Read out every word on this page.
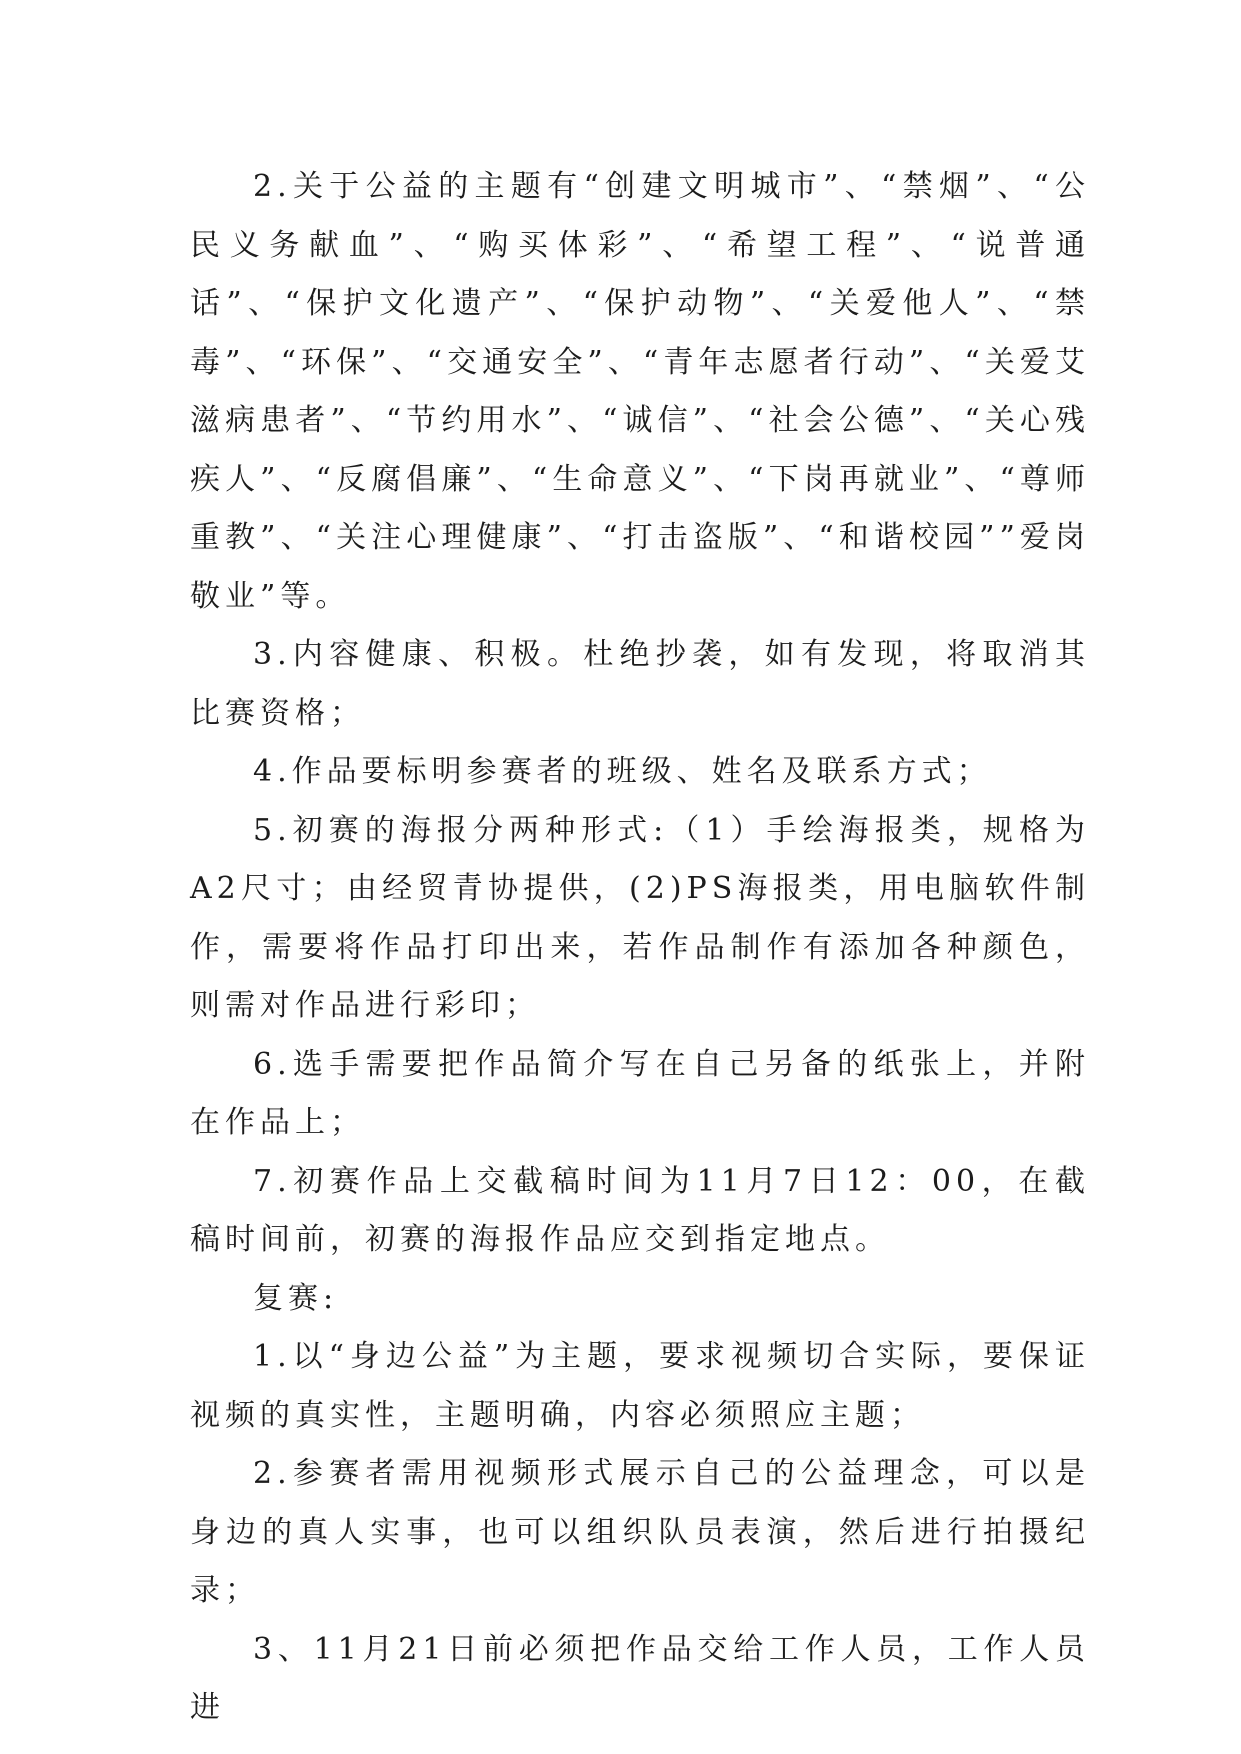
2.关于公益的主题有“创建文明城市”、“禁烟”、“公民义务献血”、“购买体彩”、“希望工程”、“说普通话”、“保护文化遗产”、“保护动物”、“关爱他人”、“禁毒”、“环保”、“交通安全”、“青年志愿者行动”、“关爱艾滋病患者”、“节约用水”、“诚信”、“社会公德”、“关心残疾人”、“反腐倡廉”、“生命意义”、“下岗再就业”、“尊师重教”、“关注心理健康”、“打击盗版”、“和谐校园””爱岗敬业”等。

3.内容健康、积极。杜绝抄袭，如有发现，将取消其比赛资格；

4.作品要标明参赛者的班级、姓名及联系方式；

5.初赛的海报分两种形式:（1）手绘海报类，规格为A2尺寸；由经贸青协提供，(2)PS海报类，用电脑软件制作，需要将作品打印出来，若作品制作有添加各种颜色，则需对作品进行彩印；

6.选手需要把作品简介写在自己另备的纸张上，并附在作品上；

7.初赛作品上交截稿时间为11月7日12：00，在截稿时间前，初赛的海报作品应交到指定地点。

复赛:

1.以“身边公益”为主题，要求视频切合实际，要保证视频的真实性，主题明确，内容必须照应主题；

2.参赛者需用视频形式展示自己的公益理念，可以是身边的真人实事，也可以组织队员表演，然后进行拍摄纪录；

3、11月21日前必须把作品交给工作人员，工作人员进
